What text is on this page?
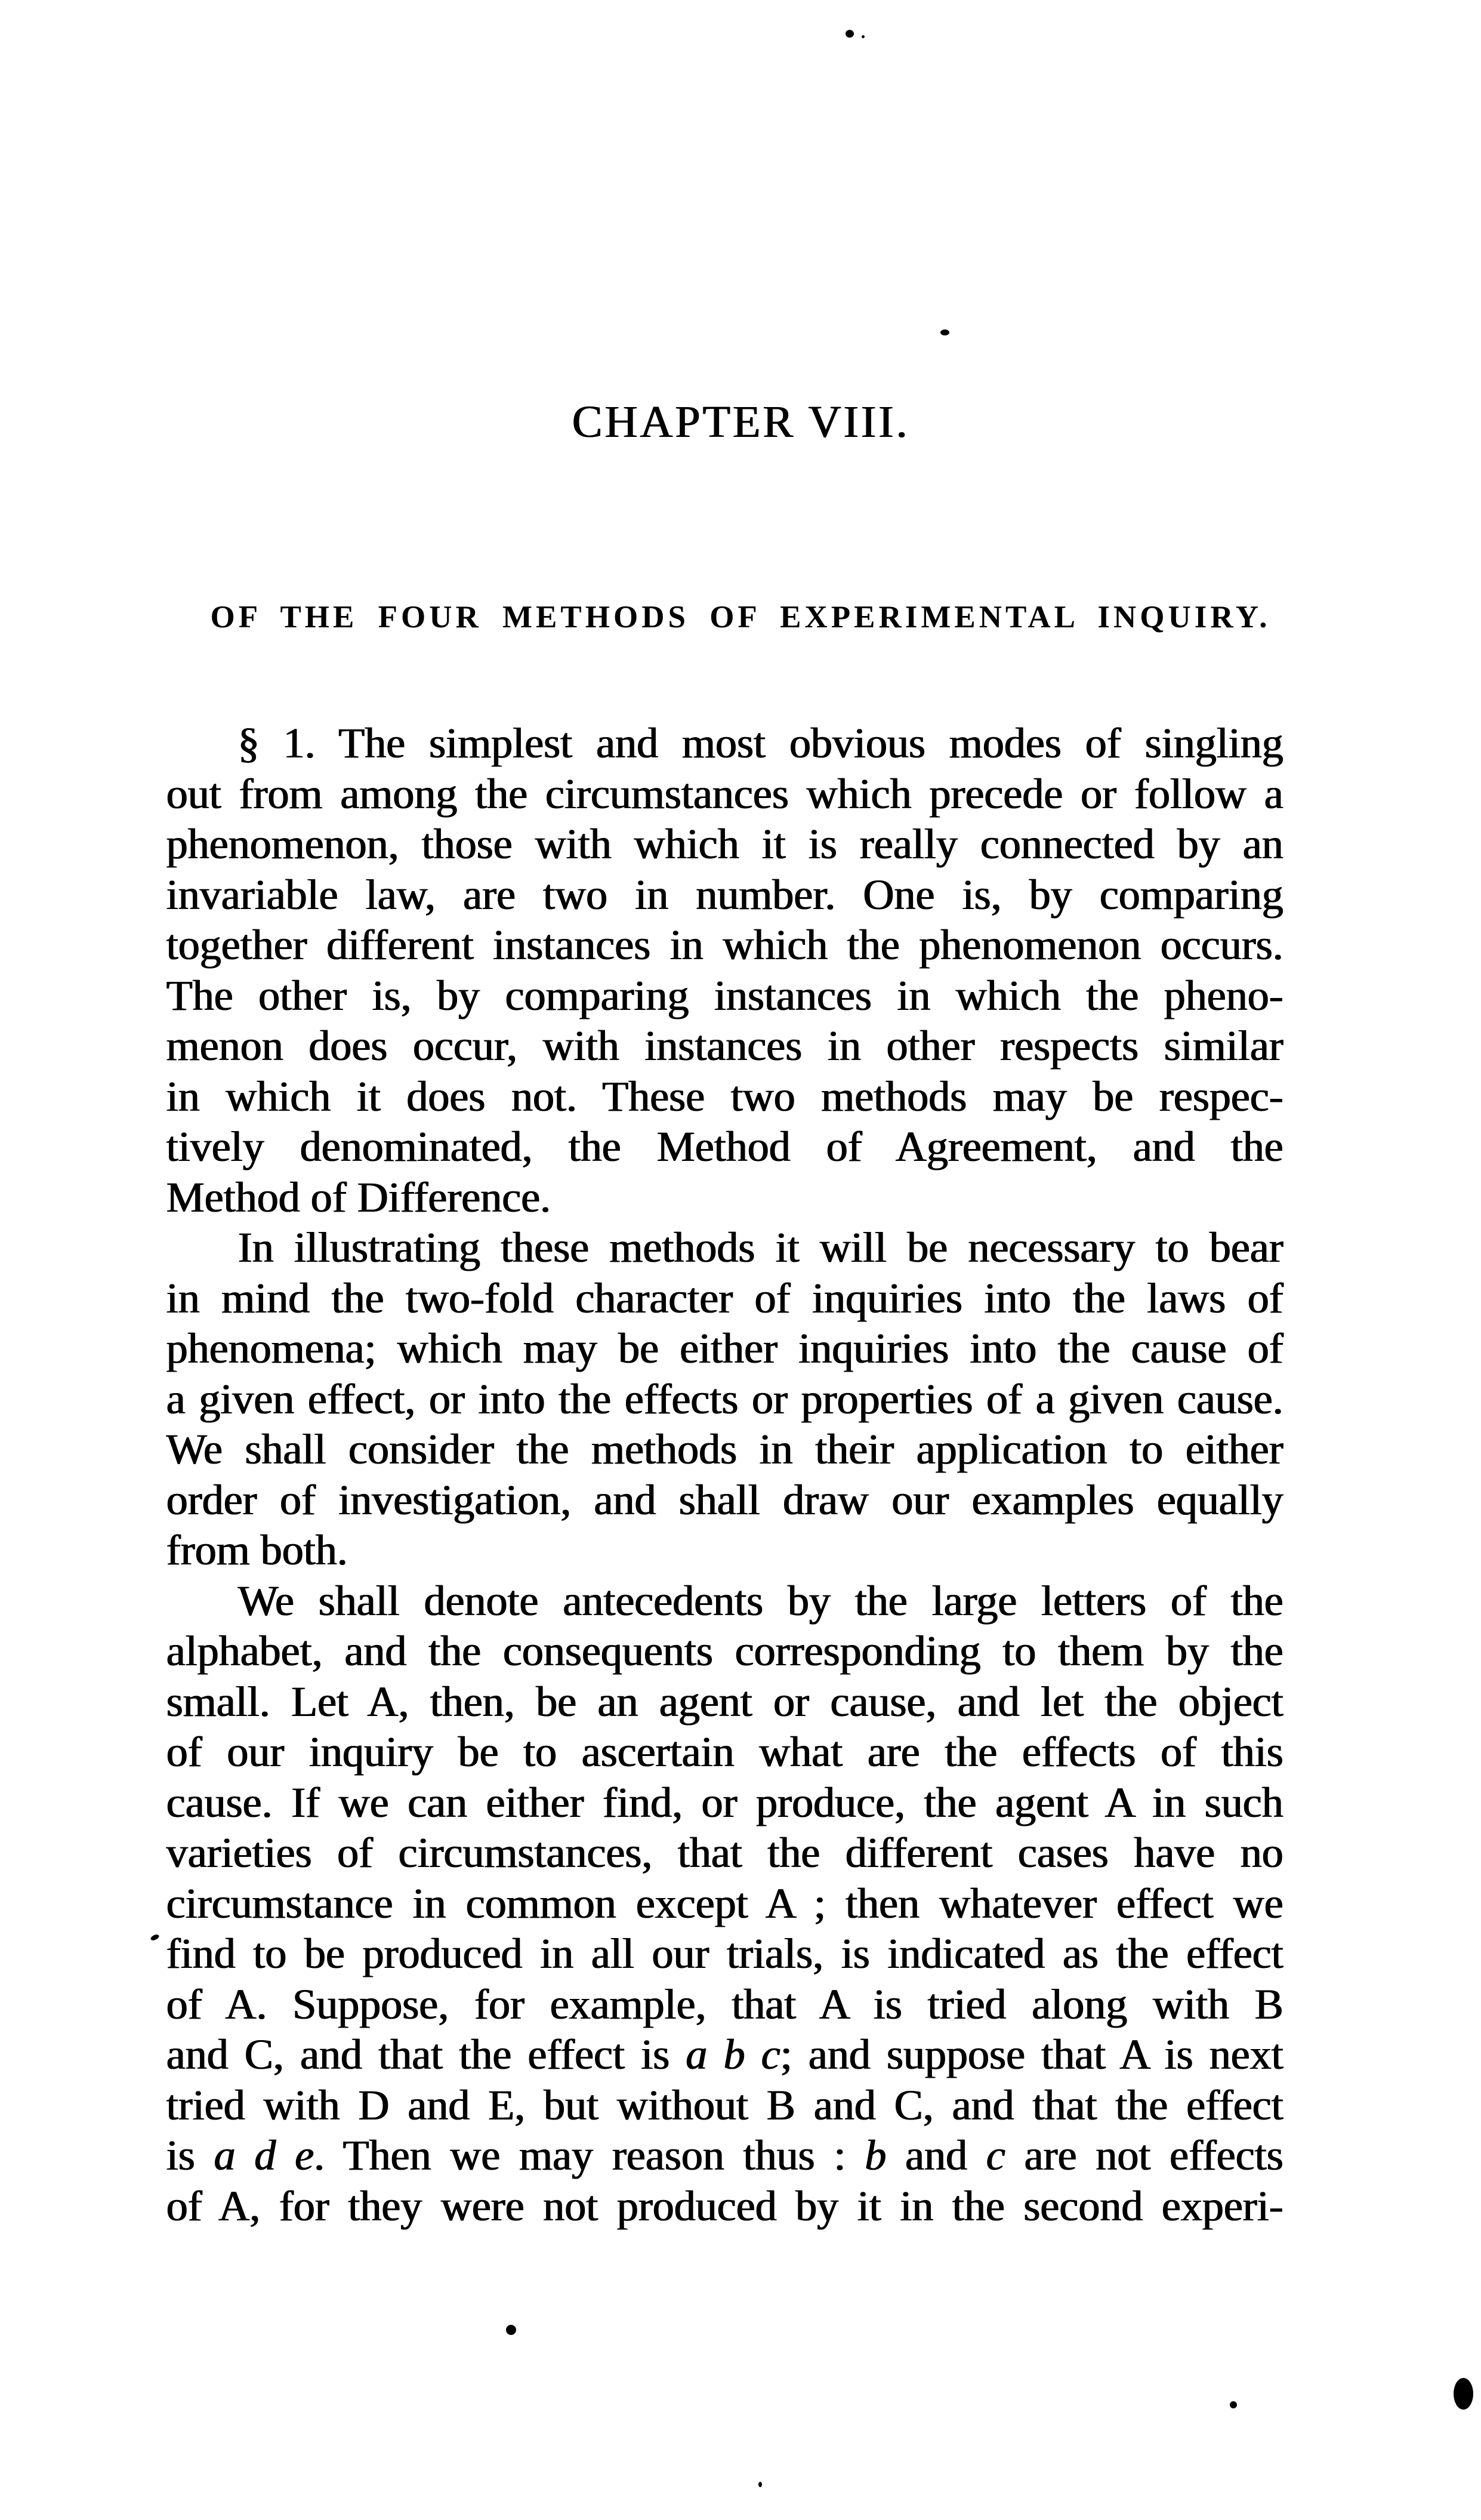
CHAPTER VIII.
OF THE FOUR METHODS OF EXPERIMENTAL INQUIRY.
§ 1. The simplest and most obvious modes of singling
out from among the circumstances which precede or follow a
phenomenon, those with which it is really connected by an
invariable law, are two in number. One is, by comparing
together different instances in which the phenomenon occurs.
The other is, by comparing instances in which the pheno-
menon does occur, with instances in other respects similar
in which it does not. These two methods may be respec-
tively denominated, the Method of Agreement, and the
Method of Difference.
In illustrating these methods it will be necessary to bear
in mind the two-fold character of inquiries into the laws of
phenomena; which may be either inquiries into the cause of
a given effect, or into the effects or properties of a given cause.
We shall consider the methods in their application to either
order of investigation, and shall draw our examples equally
from both.
We shall denote antecedents by the large letters of the
alphabet, and the consequents corresponding to them by the
small. Let A, then, be an agent or cause, and let the object
of our inquiry be to ascertain what are the effects of this
cause. If we can either find, or produce, the agent A in such
varieties of circumstances, that the different cases have no
circumstance in common except A ; then whatever effect we
find to be produced in all our trials, is indicated as the effect
of A. Suppose, for example, that A is tried along with B
and C, and that the effect is a b c; and suppose that A is next
tried with D and E, but without B and C, and that the effect
is a d e. Then we may reason thus : b and c are not effects
of A, for they were not produced by it in the second experi-
